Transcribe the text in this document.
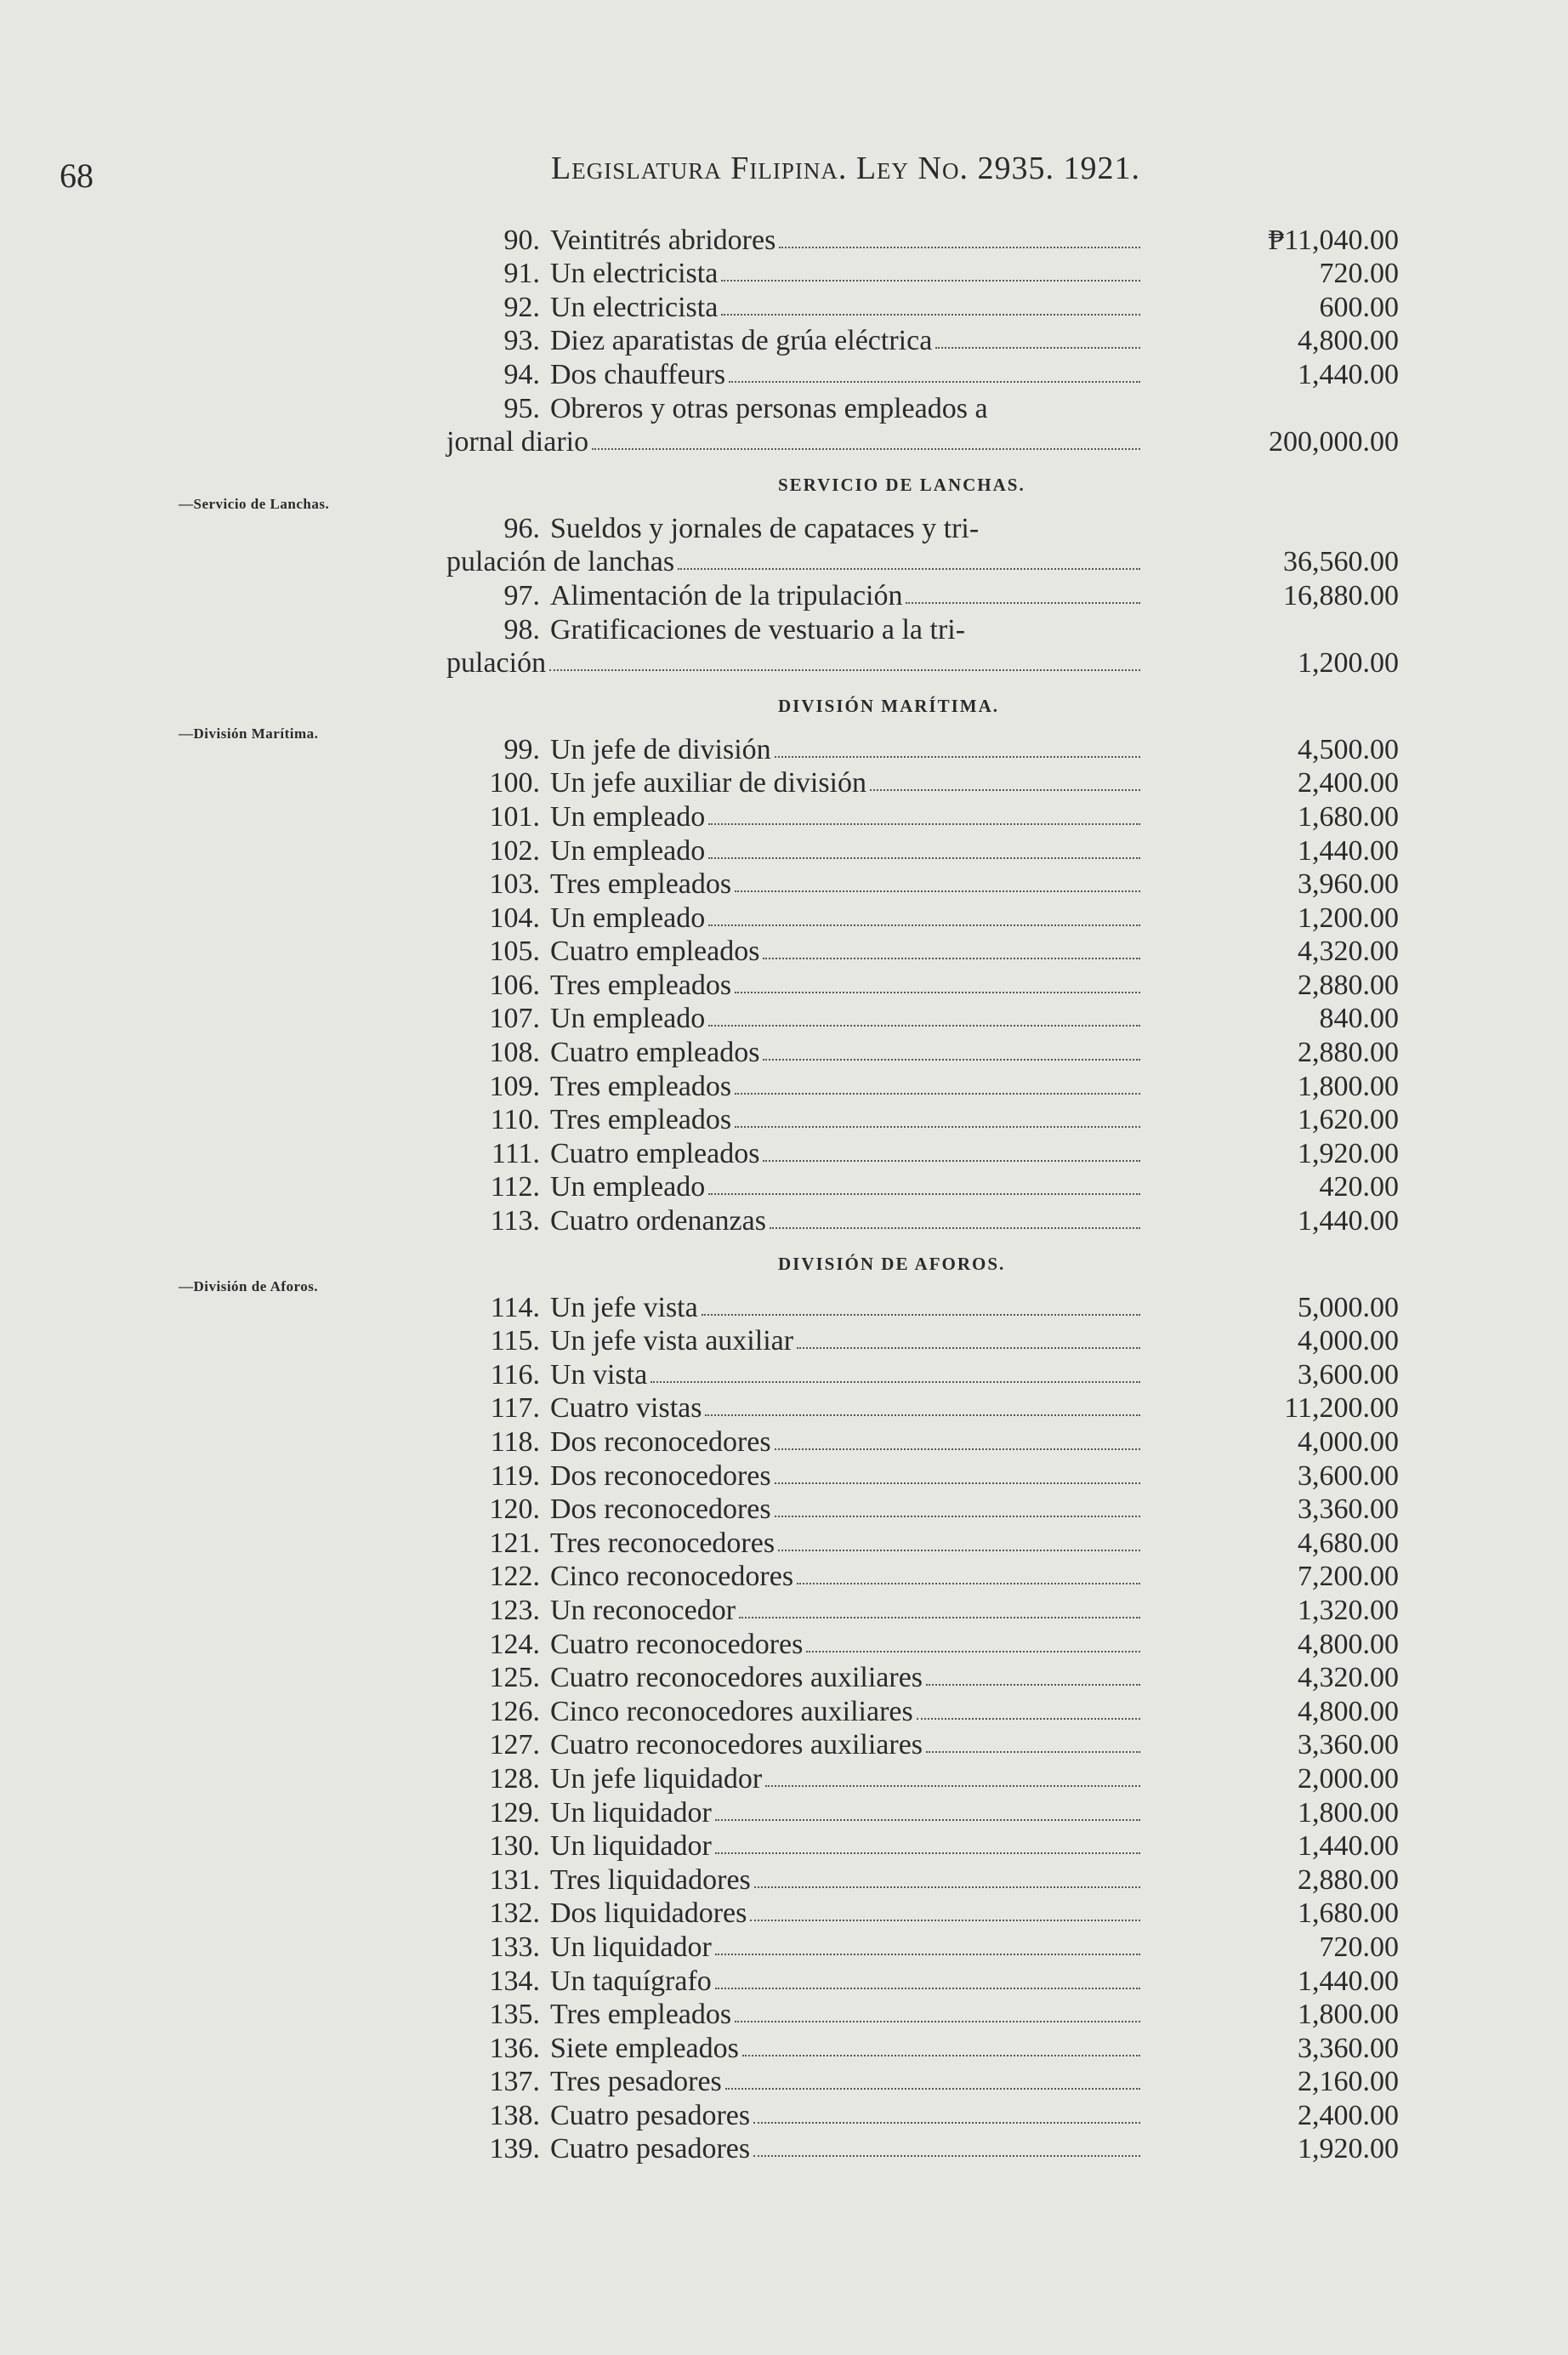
68	Legislatura Filipina. Ley No. 2935. 1921.
—Servicio de Lanchas.
—División Marítima.
—División de Aforos.
90. Veintitrés abridores	₱11,040.00
91. Un electricista	720.00
92. Un electricista	600.00
93. Diez aparatistas de grúa eléctrica	4,800.00
94. Dos chauffeurs	1,440.00
95. Obreros y otras personas empleados a
jornal diario	200,000.00
SERVICIO DE LANCHAS.
96. Sueldos y jornales de capataces y tri-
pulación de lanchas	36,560.00
97. Alimentación de la tripulación	16,880.00
98. Gratificaciones de vestuario a la tri-
pulación	1,200.00
DIVISIÓN MARÍTIMA.
99. Un jefe de división	4,500.00
100. Un jefe auxiliar de división	2,400.00
101. Un empleado	1,680.00
102. Un empleado	1,440.00
103. Tres empleados	3,960.00
104. Un empleado	1,200.00
105. Cuatro empleados	4,320.00
106. Tres empleados	2,880.00
107. Un empleado	840.00
108. Cuatro empleados	2,880.00
109. Tres empleados	1,800.00
110. Tres empleados	1,620.00
111. Cuatro empleados	1,920.00
112. Un empleado	420.00
113. Cuatro ordenanzas	1,440.00
DIVISIÓN DE AFOROS.
114. Un jefe vista	5,000.00
115. Un jefe vista auxiliar	4,000.00
116. Un vista	3,600.00
117. Cuatro vistas	11,200.00
118. Dos reconocedores	4,000.00
119. Dos reconocedores	3,600.00
120. Dos reconocedores	3,360.00
121. Tres reconocedores	4,680.00
122. Cinco reconocedores	7,200.00
123. Un reconocedor	1,320.00
124. Cuatro reconocedores	4,800.00
125. Cuatro reconocedores auxiliares	4,320.00
126. Cinco reconocedores auxiliares	4,800.00
127. Cuatro reconocedores auxiliares	3,360.00
128. Un jefe liquidador	2,000.00
129. Un liquidador	1,800.00
130. Un liquidador	1,440.00
131. Tres liquidadores	2,880.00
132. Dos liquidadores	1,680.00
133. Un liquidador	720.00
134. Un taquígrafo	1,440.00
135. Tres empleados	1,800.00
136. Siete empleados	3,360.00
137. Tres pesadores	2,160.00
138. Cuatro pesadores	2,400.00
139. Cuatro pesadores	1,920.00
